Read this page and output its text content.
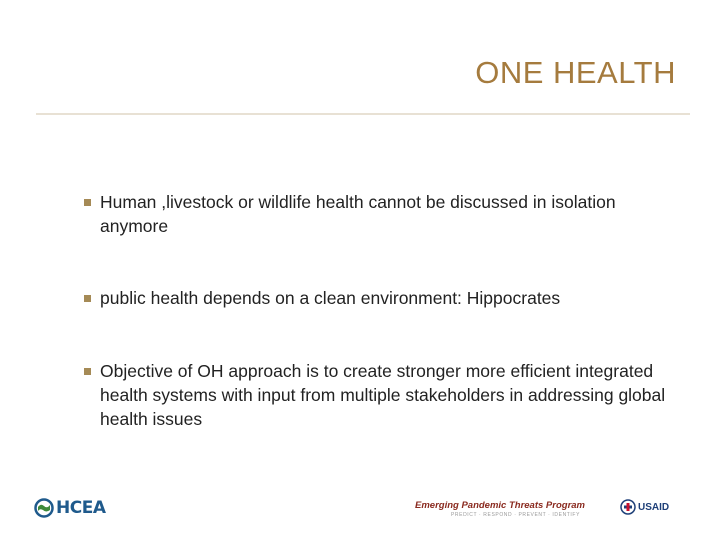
ONE HEALTH
Human ,livestock or wildlife health cannot be discussed in isolation anymore
public health depends on a clean environment: Hippocrates
Objective of OH approach is to create stronger more efficient integrated health systems with input from multiple stakeholders in addressing global health issues
HCEA	Emerging Pandemic Threats Program
PREDICT · RESPOND · PREVENT · IDENTIFY
USAID
